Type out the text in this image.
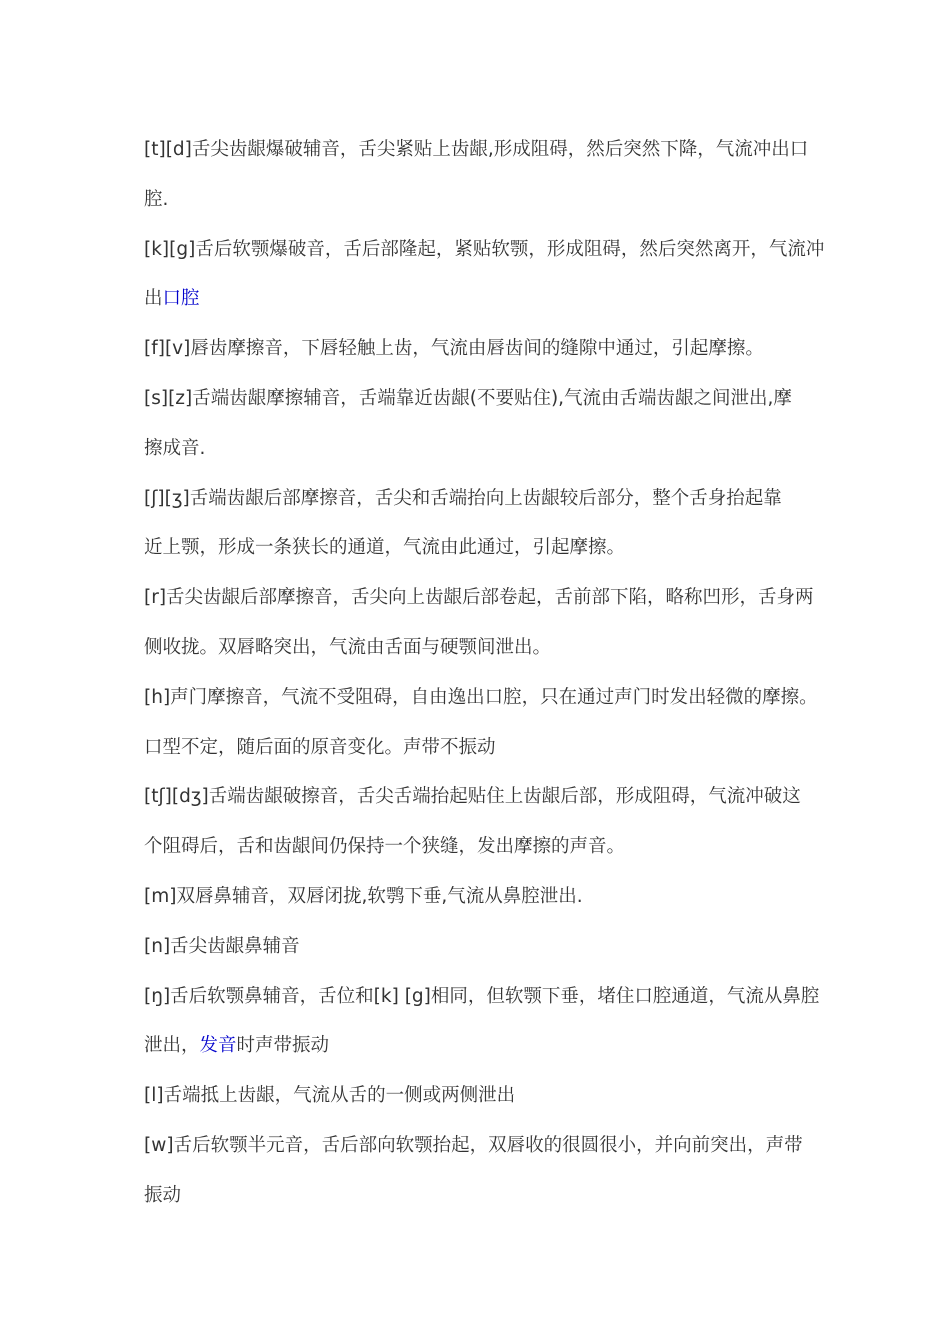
[t][d]舌尖齿龈爆破辅音，舌尖紧贴上齿龈,形成阻碍，然后突然下降，气流冲出口
腔.
[k][g]舌后软颚爆破音，舌后部隆起，紧贴软颚，形成阻碍，然后突然离开，气流冲
出口腔
[f][v]唇齿摩擦音，下唇轻触上齿，气流由唇齿间的缝隙中通过，引起摩擦。
[s][z]舌端齿龈摩擦辅音，舌端靠近齿龈(不要贴住),气流由舌端齿龈之间泄出,摩
擦成音.
[ʃ][ʒ]舌端齿龈后部摩擦音，舌尖和舌端抬向上齿龈较后部分，整个舌身抬起靠
近上颚，形成一条狭长的通道，气流由此通过，引起摩擦。
[r]舌尖齿龈后部摩擦音，舌尖向上齿龈后部卷起，舌前部下陷，略称凹形，舌身两
侧收拢。双唇略突出，气流由舌面与硬颚间泄出。
[h]声门摩擦音，气流不受阻碍，自由逸出口腔，只在通过声门时发出轻微的摩擦。
口型不定，随后面的原音变化。声带不振动
[tʃ][dʒ]舌端齿龈破擦音，舌尖舌端抬起贴住上齿龈后部，形成阻碍，气流冲破这
个阻碍后，舌和齿龈间仍保持一个狭缝，发出摩擦的声音。
[m]双唇鼻辅音，双唇闭拢,软鹗下垂,气流从鼻腔泄出.
[n]舌尖齿龈鼻辅音
[ŋ]舌后软颚鼻辅音，舌位和[k] [g]相同，但软颚下垂，堵住口腔通道，气流从鼻腔
泄出，发音时声带振动
[l]舌端抵上齿龈，气流从舌的一侧或两侧泄出
[w]舌后软颚半元音，舌后部向软颚抬起，双唇收的很圆很小，并向前突出，声带
振动
